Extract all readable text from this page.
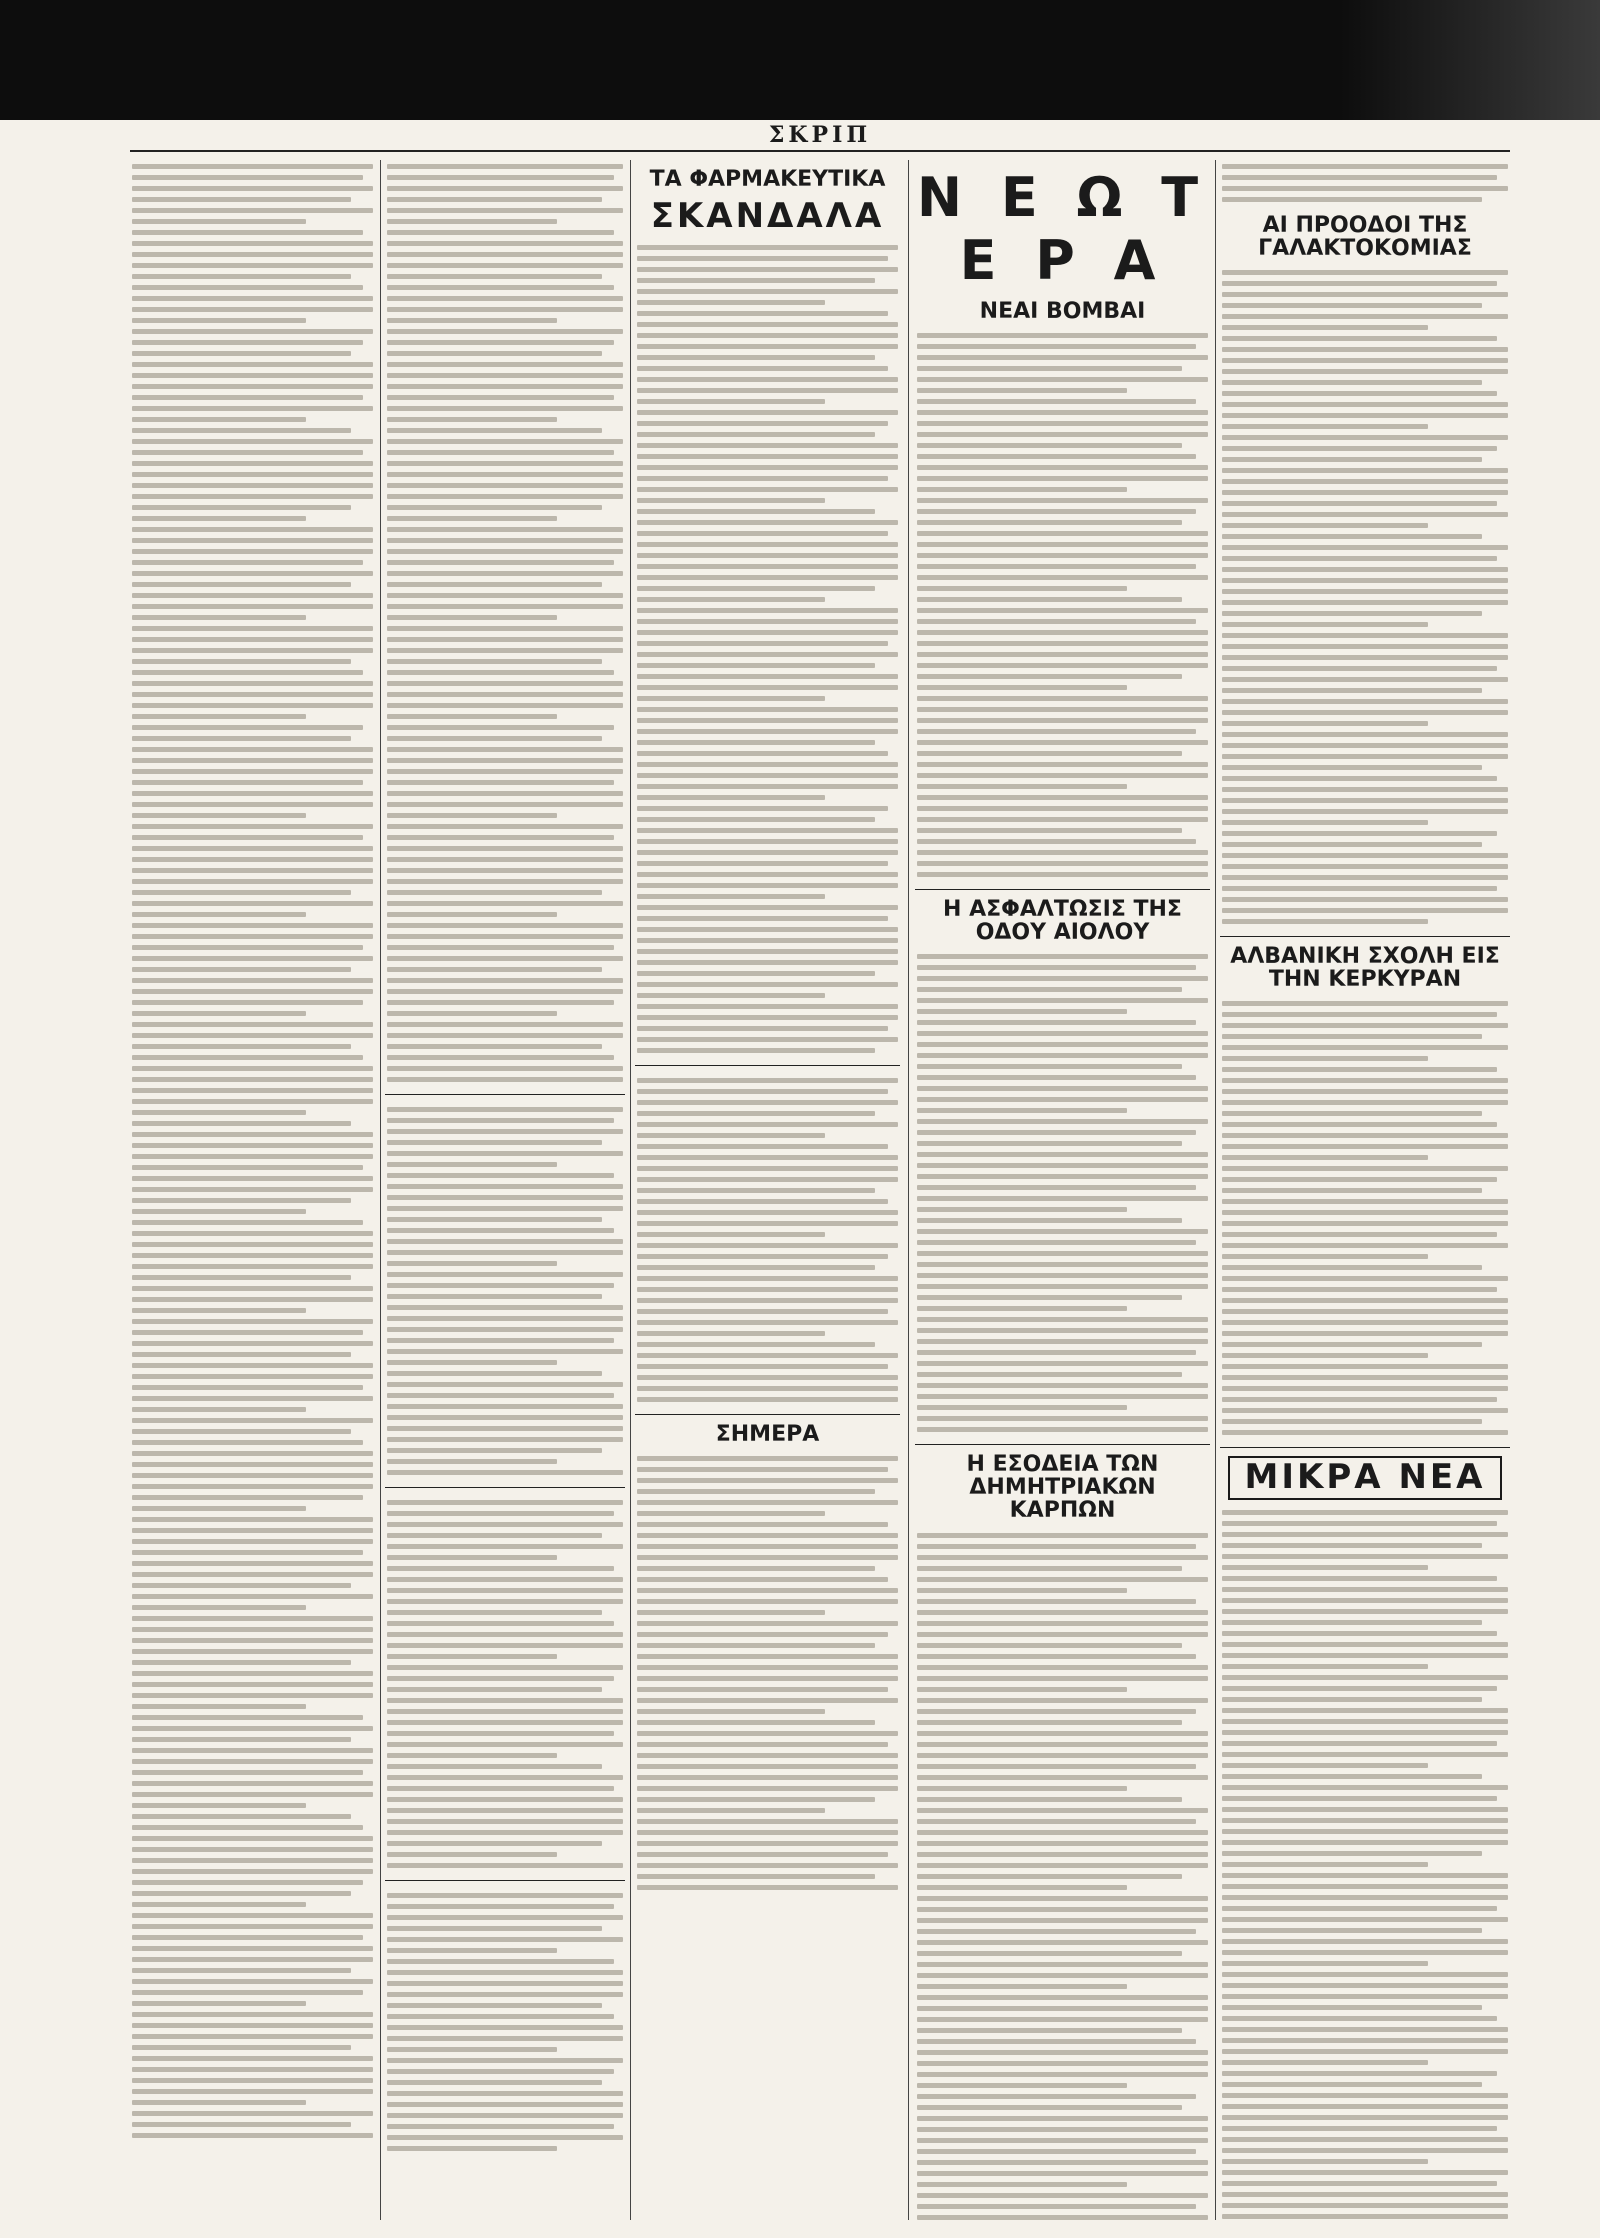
ΣΚΡΙΠ
ΤΑ ΦΑΡΜΑΚΕΥΤΙΚΑ
ΣΚΑΝΔΑΛΑ
ΣΗΜΕΡΑ
Ν Ε Ω Τ Ε Ρ Α
ΝΕΑΙ ΒΟΜΒΑΙ
Η ΑΣΦΑΛΤΩΣΙΣ ΤΗΣ ΟΔΟΥ ΑΙΟΛΟΥ
Η ΕΣΟΔΕΙΑ ΤΩΝ ΔΗΜΗΤΡΙΑΚΩΝ ΚΑΡΠΩΝ
ΑΙ ΠΡΟΟΔΟΙ ΤΗΣ ΓΑΛΑΚΤΟΚΟΜΙΑΣ
ΑΛΒΑΝΙΚΗ ΣΧΟΛΗ ΕΙΣ ΤΗΝ ΚΕΡΚΥΡΑΝ
ΜΙΚΡΑ ΝΕΑ
